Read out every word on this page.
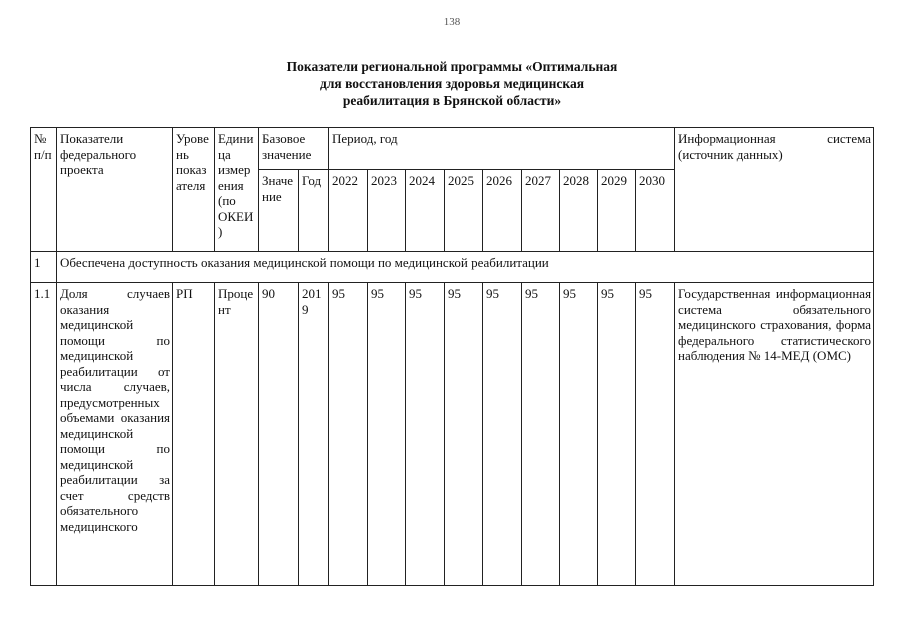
138
Показатели региональной программы «Оптимальная
для восстановления здоровья медицинская
реабилитация в Брянской области»
№ п/п	Показатели федерального проекта	Уровень показателя	Единица измерения (по ОКЕИ)	Базовое значение		Период, год									Информационная система (источник данных)
				Значение	Год	2022	2023	2024	2025	2026	2027	2028	2029	2030	
1	Обеспечена доступность оказания медицинской помощи по медицинской реабилитации														
1.1	Доля случаев оказания медицинской помощи по медицинской реабилитации от числа случаев, предусмотренных объемами оказания медицинской помощи по медицинской реабилитации за счет средств обязательного медицинского	РП	Процент	90	2019	95	95	95	95	95	95	95	95	95	Государственная информационная система обязательного медицинского страхования, форма федерального статистического наблюдения № 14-МЕД (ОМС)
